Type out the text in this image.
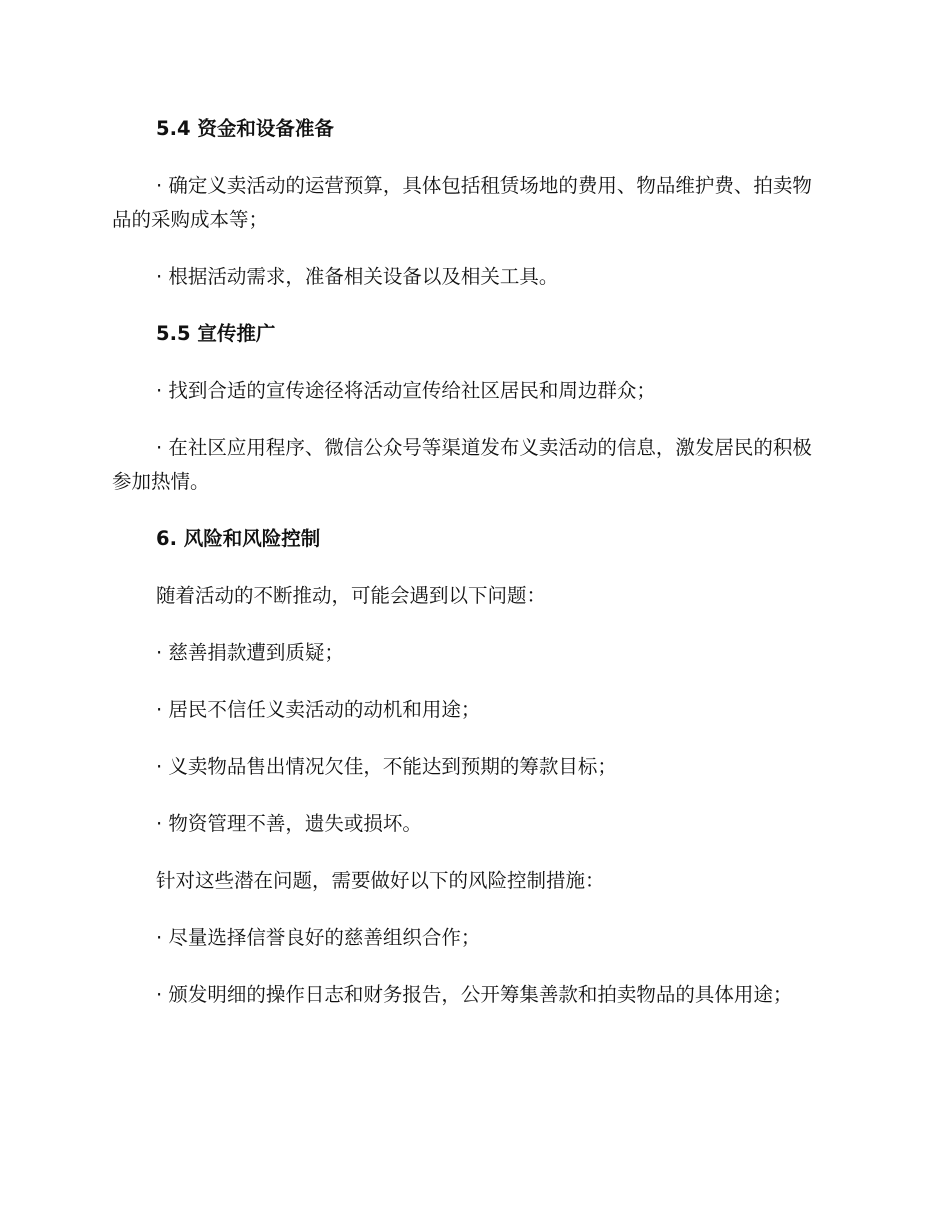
5.4 资金和设备准备

· 确定义卖活动的运营预算，具体包括租赁场地的费用、物品维护费、拍卖物品的采购成本等；

· 根据活动需求，准备相关设备以及相关工具。

5.5 宣传推广

· 找到合适的宣传途径将活动宣传给社区居民和周边群众；

· 在社区应用程序、微信公众号等渠道发布义卖活动的信息，激发居民的积极参加热情。

6. 风险和风险控制

随着活动的不断推动，可能会遇到以下问题：

· 慈善捐款遭到质疑；

· 居民不信任义卖活动的动机和用途；

· 义卖物品售出情况欠佳，不能达到预期的筹款目标；

· 物资管理不善，遗失或损坏。

针对这些潜在问题，需要做好以下的风险控制措施：

· 尽量选择信誉良好的慈善组织合作；

· 颁发明细的操作日志和财务报告，公开筹集善款和拍卖物品的具体用途；
